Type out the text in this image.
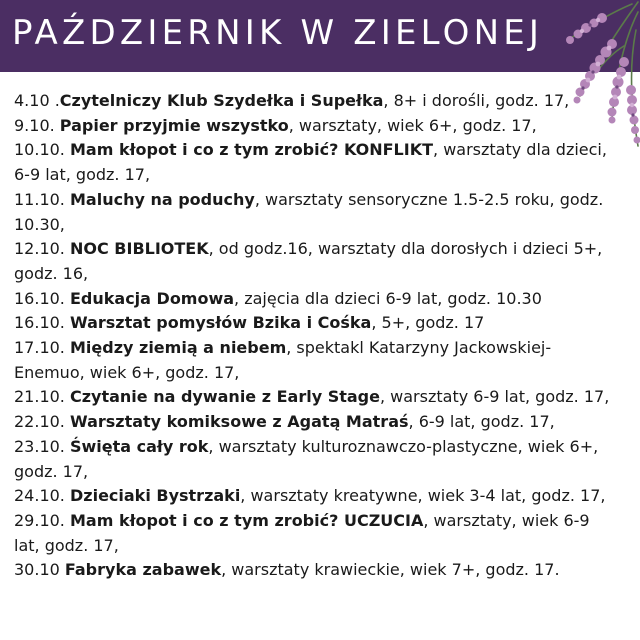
PAŹDZIERNIK W ZIELONEJ

4.10 .Czytelniczy Klub Szydełka i Supełka, 8+ i dorośli, godz. 17,

9.10. Papier przyjmie wszystko, warsztaty, wiek 6+, godz. 17,

10.10. Mam kłopot i co z tym zrobić? KONFLIKT, warsztaty dla dzieci, 6-9 lat, godz. 17,

11.10. Maluchy na poduchy, warsztaty sensoryczne 1.5-2.5 roku, godz. 10.30,

12.10. NOC BIBLIOTEK, od godz.16, warsztaty dla dorosłych i dzieci 5+, godz. 16,

16.10. Edukacja Domowa, zajęcia dla dzieci 6-9 lat, godz. 10.30

16.10. Warsztat pomysłów Bzika i Cośka, 5+, godz. 17

17.10. Między ziemią a niebem, spektakl Katarzyny Jackowskiej-Enemuo, wiek 6+, godz. 17,

21.10. Czytanie na dywanie z Early Stage, warsztaty 6-9 lat, godz. 17,

22.10. Warsztaty komiksowe z Agatą Matraś, 6-9 lat, godz. 17,

23.10. Święta cały rok, warsztaty kulturoznawczo-plastyczne, wiek 6+, godz. 17,

24.10. Dzieciaki Bystrzaki, warsztaty kreatywne, wiek 3-4 lat, godz. 17,

29.10. Mam kłopot i co z tym zrobić? UCZUCIA, warsztaty, wiek 6-9 lat, godz. 17,

30.10 Fabryka zabawek, warsztaty krawieckie, wiek 7+, godz. 17.
